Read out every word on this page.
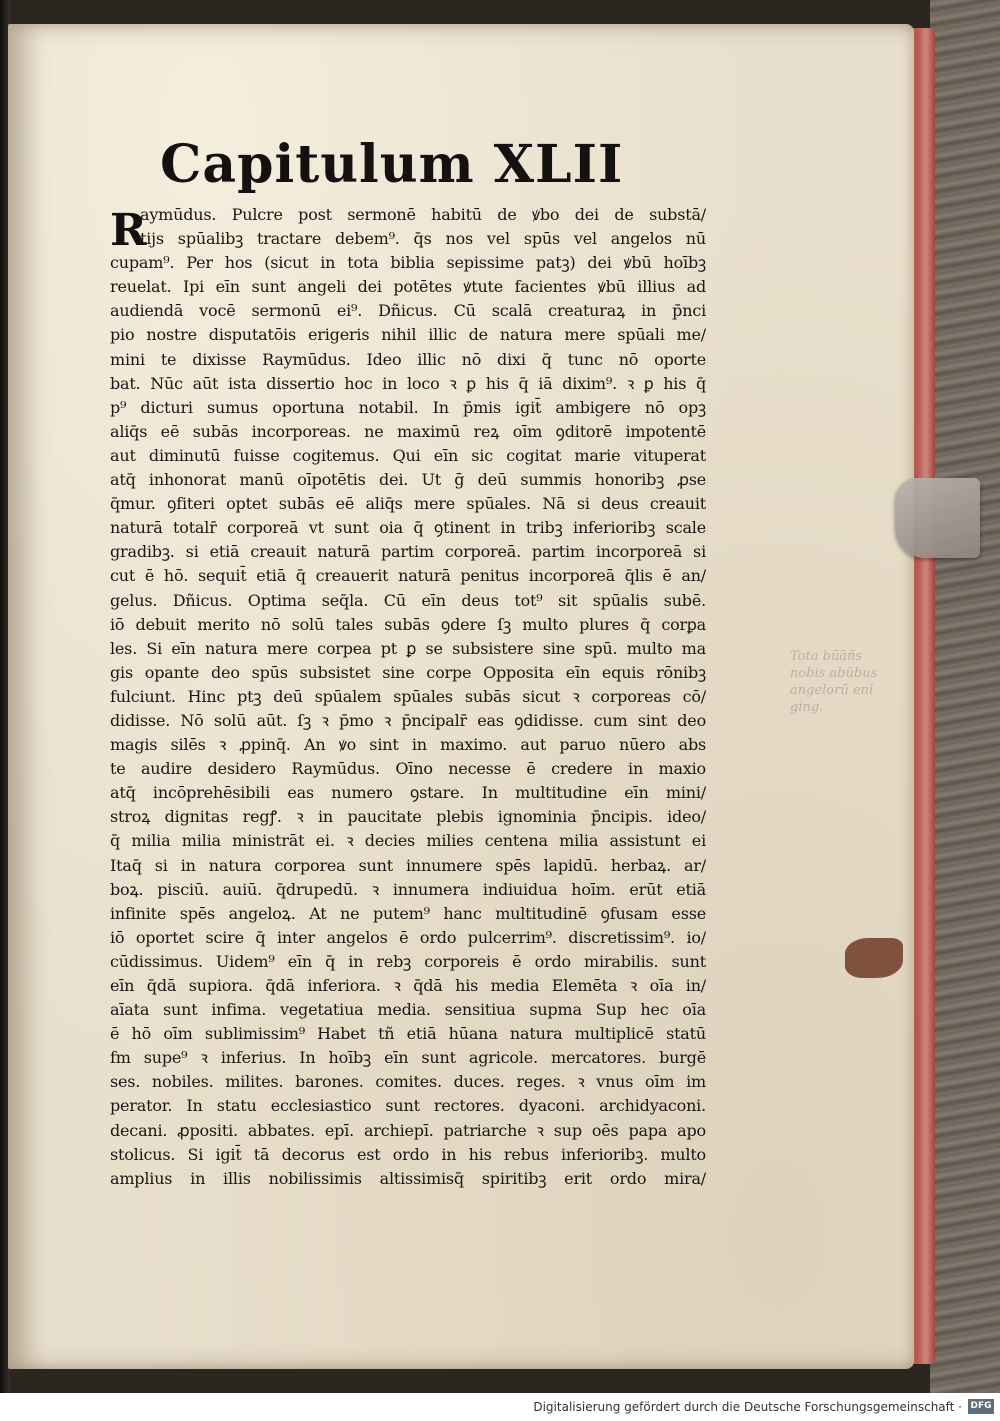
Tota būāñs
nobis abūbus
angelorū enī
ging.
Capitulum XLII
R
aymūdus. Pulcre post sermonē habitū de ꝟbo dei de substā/
tijs spūalibꝫ tractare debem⁹. q̄s nos vel spūs vel angelos nū
cupam⁹. Per hos (sicut in tota biblia sepissime patꝫ) dei ꝟbū hoībꝫ
reuelat. Ipi eīn sunt angeli dei potētes ꝟtute facientes ꝟbū illius ad
audiendā vocē sermonū ei⁹. Dñicus. Cū scalā creaturaꝝ in p̄nci
pio nostre disputatōis erigeris nihil illic de natura mere spūali me/
mini te dixisse Raymūdus. Ideo illic nō dixi q̄ tunc nō oporte
bat. Nūc aūt ista dissertio hoc in loco ꝛ ꝑ his q̄ iā dixim⁹. ꝛ ꝑ his q̄
p⁹ dicturi sumus oportuna notabil. In p̄mis igit̄ ambigere nō opꝫ
aliq̄s eē subās incorporeas. ne maximū reꝝ oīm ꝯditorē impotentē
aut diminutū fuisse cogitemus. Qui eīn sic cogitat marie vituperat
atq̄ inhonorat manū oīpotētis dei. Ut ḡ deū summis honoribꝫ ꝓse
q̄mur. ꝯfiteri optet subās eē aliq̄s mere spūales. Nā si deus creauit
naturā totalr̄ corporeā vt sunt oia q̄ ꝯtinent in tribꝫ inferioribꝫ scale
gradibꝫ. si etiā creauit naturā partim corporeā. partim incorporeā si
cut ē hō. sequit̄ etiā q̄ creauerit naturā penitus incorporeā q̄lis ē an/
gelus. Dñicus. Optima seq̄la. Cū eīn deus tot⁹ sit spūalis subē.
iō debuit merito nō solū tales subās ꝯdere ſꝫ multo plures q̄ corꝑa
les. Si eīn natura mere corpea pt ꝑ se subsistere sine spū. multo ma
gis opante deo spūs subsistet sine corpe Opposita eīn equis rōnibꝫ
fulciunt. Hinc ptꝫ deū spūalem spūales subās sicut ꝛ corporeas cō/
didisse. Nō solū aūt. ſꝫ ꝛ p̄mo ꝛ p̄ncipalr̄ eas ꝯdidisse. cum sint deo
magis silēs ꝛ ꝓpinq̄. An ꝟo sint in maximo. aut paruo nūero abs
te audire desidero Raymūdus. Oīno necesse ē credere in maxio
atq̄ incōprehēsibili eas numero ꝯstare. In multitudine eīn mini/
stroꝝ dignitas regꝭ. ꝛ in paucitate plebis ignominia p̄ncipis. ideo/
q̄ milia milia ministrāt ei. ꝛ decies milies centena milia assistunt ei
Itaq̄ si in natura corporea sunt innumere spēs lapidū. herbaꝝ. ar/
boꝝ. pisciū. auiū. q̄drupedū. ꝛ innumera indiuidua hoīm. erūt etiā
infinite spēs angeloꝝ. At ne putem⁹ hanc multitudinē ꝯfusam esse
iō oportet scire q̄ inter angelos ē ordo pulcerrim⁹. discretissim⁹. io/
cūdissimus. Uidem⁹ eīn q̄ in rebꝫ corporeis ē ordo mirabilis. sunt
eīn q̄dā supiora. q̄dā inferiora. ꝛ q̄dā his media Elemēta ꝛ oīa in/
aīata sunt infima. vegetatiua media. sensitiua supma Sup hec oīa
ē hō oīm sublimissim⁹ Habet tñ etiā hūana natura multiplicē statū
fm supe⁹ ꝛ inferius. In hoībꝫ eīn sunt agricole. mercatores. burgē
ses. nobiles. milites. barones. comites. duces. reges. ꝛ vnus oīm im
perator. In statu ecclesiastico sunt rectores. dyaconi. archidyaconi.
decani. ꝓpositi. abbates. epī. archiepī. patriarche ꝛ sup oēs papa apo
stolicus. Si igit̄ tā decorus est ordo in his rebus inferioribꝫ. multo
amplius in illis nobilissimis altissimisq̄ spiritibꝫ erit ordo mira/
Digitalisierung gefördert durch die Deutsche Forschungsgemeinschaft · DFG
